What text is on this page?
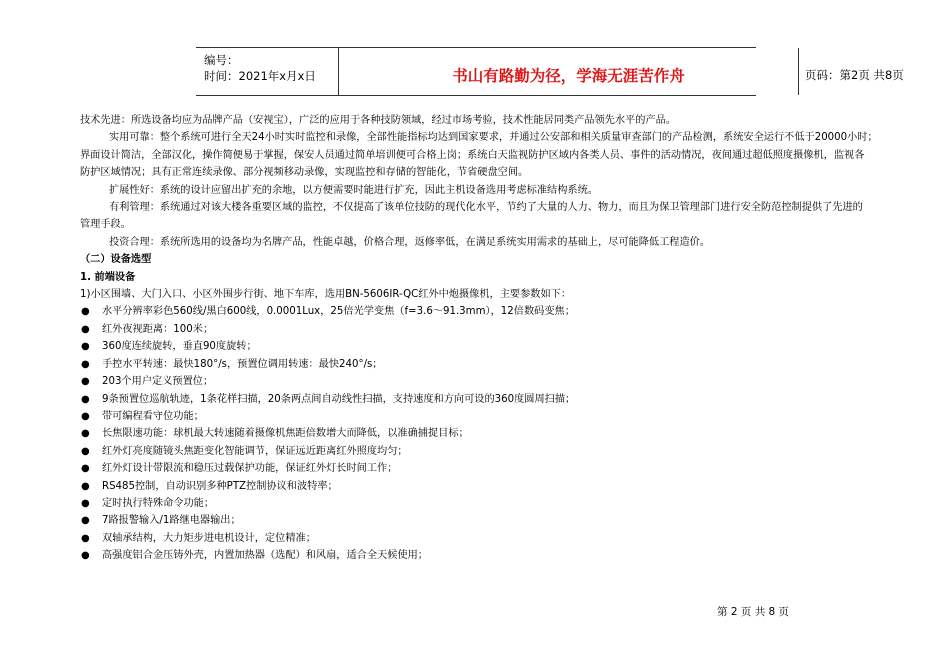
编号：
时间：2021年x月x日	书山有路勤为径，学海无涯苦作舟	页码：第2页 共8页

技术先进：所选设备均应为品牌产品（安视宝），广泛的应用于各种技防领域，经过市场考验，技术性能居同类产品领先水平的产品。

实用可靠：整个系统可进行全天24小时实时监控和录像，全部性能指标均达到国家要求，并通过公安部和相关质量审查部门的产品检测，系统安全运行不低于20000小时；

界面设计简洁，全部汉化，操作简便易于掌握，保安人员通过简单培训便可合格上岗；系统白天监视防护区域内各类人员、事件的活动情况，夜间通过超低照度摄像机，监视各

防护区域情况；具有正常连续录像、部分视频移动录像，实现监控和存储的智能化，节省硬盘空间。

扩展性好：系统的设计应留出扩充的余地，以方便需要时能进行扩充，因此主机设备选用考虑标准结构系统。

有利管理：系统通过对该大楼各重要区域的监控，不仅提高了该单位技防的现代化水平，节约了大量的人力、物力，而且为保卫管理部门进行安全防范控制提供了先进的

管理手段。

投资合理：系统所选用的设备均为名牌产品，性能卓越，价格合理，返修率低，在满足系统实用需求的基础上，尽可能降低工程造价。

（二）设备选型

1. 前端设备

1)小区围墙、大门入口、小区外围步行街、地下车库，选用BN-5606IR-QC红外中炮摄像机，主要参数如下：

● 水平分辨率彩色560线/黑白600线，0.0001Lux，25倍光学变焦（f=3.6～91.3mm），12倍数码变焦；
● 红外夜视距离：100米；
● 360度连续旋转，垂直90度旋转；
● 手控水平转速：最快180°/s，预置位调用转速：最快240°/s；
● 203个用户定义预置位；
● 9条预置位巡航轨迹，1条花样扫描，20条两点间自动线性扫描，支持速度和方向可设的360度圆周扫描；
● 带可编程看守位功能；
● 长焦限速功能：球机最大转速随着摄像机焦距倍数增大而降低，以准确捕捉目标；
● 红外灯亮度随镜头焦距变化智能调节，保证远近距离红外照度均匀；
● 红外灯设计带限流和稳压过载保护功能，保证红外灯长时间工作；
● RS485控制，自动识别多种PTZ控制协议和波特率；
● 定时执行特殊命令功能；
● 7路报警输入/1路继电器输出；
● 双轴承结构，大力矩步进电机设计，定位精准；
● 高强度铝合金压铸外壳，内置加热器（选配）和风扇，适合全天候使用；
第 2 页 共 8 页
